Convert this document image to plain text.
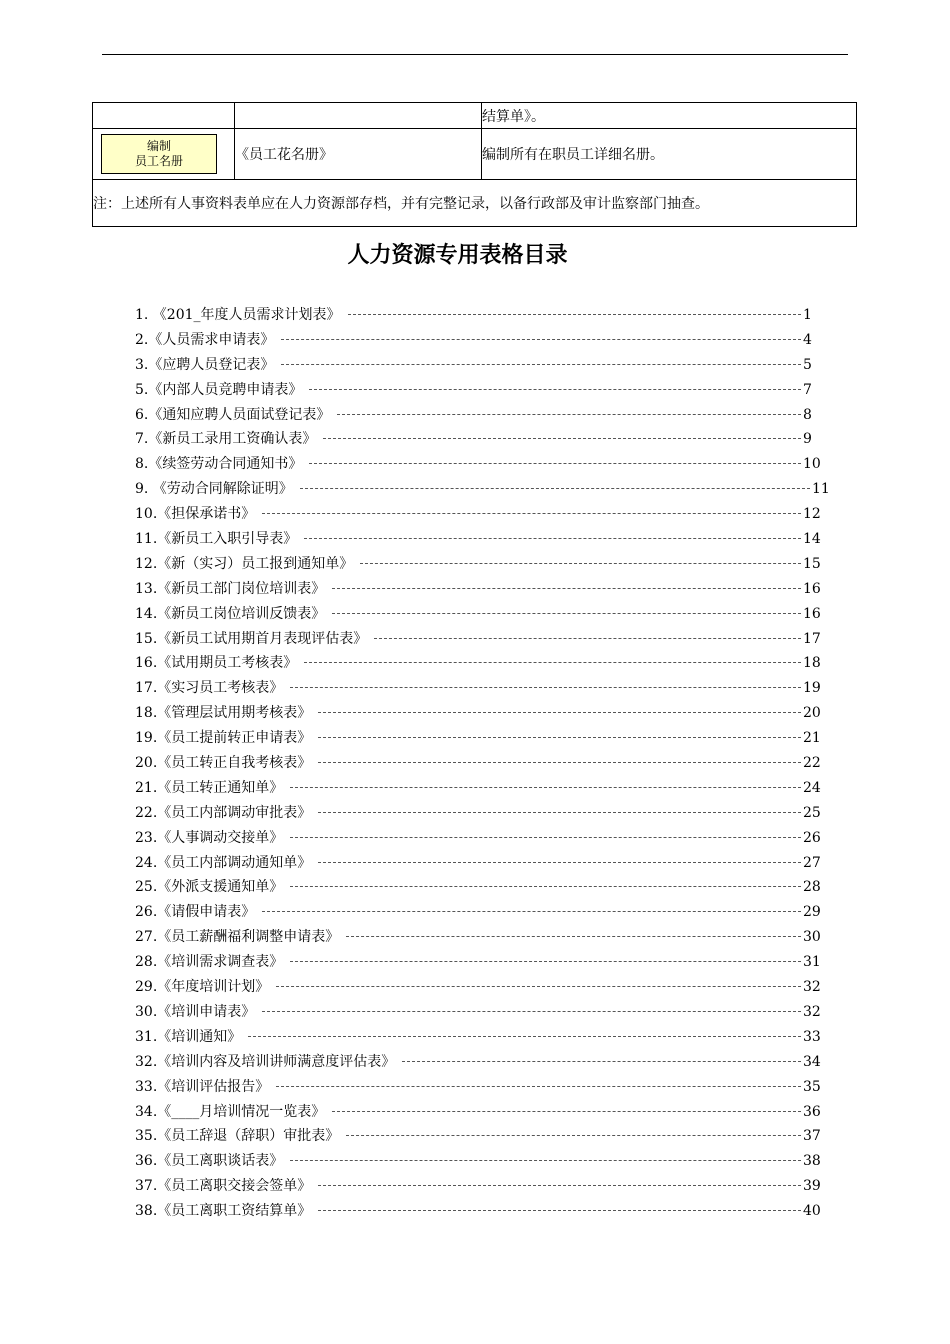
		结算单》。

编制
员工名册	《员工花名册》	编制所有在职员工详细名册。
注：上述所有人事资料表单应在人力资源部存档，并有完整记录，以备行政部及审计监察部门抽查。		
人力资源专用表格目录
1. 《201_年度人员需求计划表》	1
2.《人员需求申请表》	4
3.《应聘人员登记表》	5
5.《内部人员竞聘申请表》	7
6.《通知应聘人员面试登记表》	8
7.《新员工录用工资确认表》	9
8.《续签劳动合同通知书》	10
9. 《劳动合同解除证明》	11
10.《担保承诺书》	12
11.《新员工入职引导表》	14
12.《新（实习）员工报到通知单》	15
13.《新员工部门岗位培训表》	16
14.《新员工岗位培训反馈表》	16
15.《新员工试用期首月表现评估表》	17
16.《试用期员工考核表》	18
17.《实习员工考核表》	19
18.《管理层试用期考核表》	20
19.《员工提前转正申请表》	21
20.《员工转正自我考核表》	22
21.《员工转正通知单》	24
22.《员工内部调动审批表》	25
23.《人事调动交接单》	26
24.《员工内部调动通知单》	27
25.《外派支援通知单》	28
26.《请假申请表》	29
27.《员工薪酬福利调整申请表》	30
28.《培训需求调查表》	31
29.《年度培训计划》	32
30.《培训申请表》	32
31.《培训通知》	33
32.《培训内容及培训讲师满意度评估表》	34
33.《培训评估报告》	35
34.《____月培训情况一览表》	36
35.《员工辞退（辞职）审批表》	37
36.《员工离职谈话表》	38
37.《员工离职交接会签单》	39
38.《员工离职工资结算单》	40
